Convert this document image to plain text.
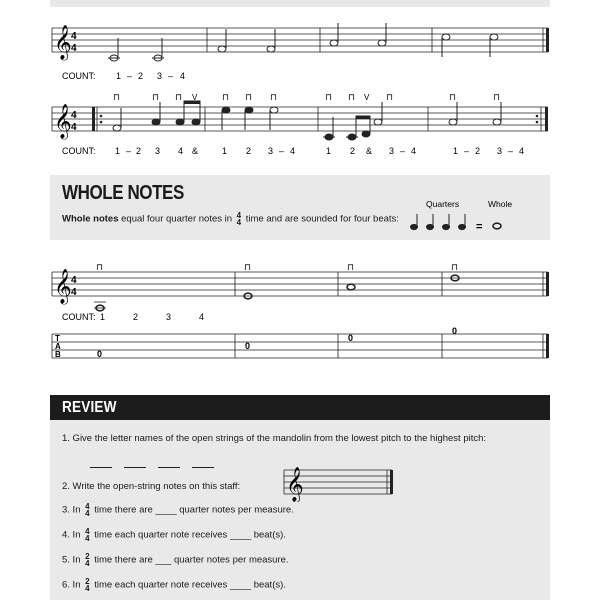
𝄞 4
4
COUNT: 1 – 2 3 – 4
𝄞 4
4
⊓	⊓ ⊓ V	⊓ ⊓ ⊓	⊓ ⊓ V ⊓	⊓	⊓
COUNT: 1 – 2 3 4 &	1 2 3 – 4	1 2 & 3 – 4	1 – 2 3 – 4
WHOLE NOTES
Whole notes equal four quarter notes in 4
4 time and are sounded for four beats:
Quarters	Whole
=
𝄞 4
4
⊓	⊓	⊓	⊓
COUNT: 1	2	3	4
T
A
B	0
0
0
0
REVIEW
1. Give the letter names of the open strings of the mandolin from the lowest pitch to the highest pitch:
2. Write the open-string notes on this staff: 𝄞
3. In 4
4 time there are ____ quarter notes per measure.
4. In 4
4 time each quarter note receives ____ beat(s).
5. In 2
4 time there are ___ quarter notes per measure.
6. In 2
4 time each quarter note receives ____ beat(s).
